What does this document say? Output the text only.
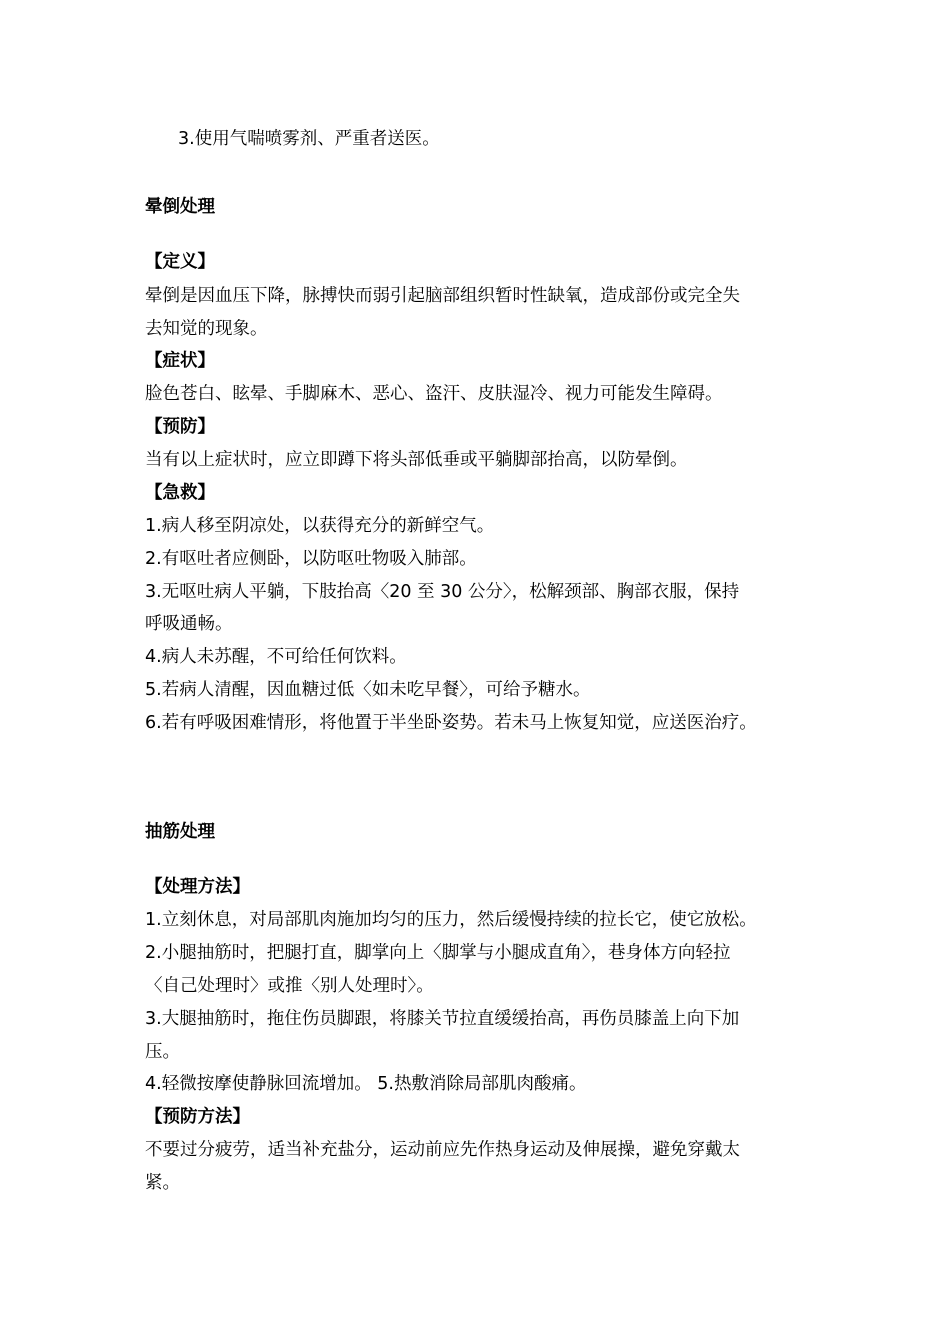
3.使用气喘喷雾剂、严重者送医。
晕倒处理
【定义】
晕倒是因血压下降，脉搏快而弱引起脑部组织暂时性缺氧，造成部份或完全失
去知觉的现象。
【症状】
脸色苍白、眩晕、手脚麻木、恶心、盗汗、皮肤湿冷、视力可能发生障碍。
【预防】
当有以上症状时，应立即蹲下将头部低垂或平躺脚部抬高，以防晕倒。
【急救】
1.病人移至阴凉处，以获得充分的新鲜空气。
2.有呕吐者应侧卧，以防呕吐物吸入肺部。
3.无呕吐病人平躺，下肢抬高〈20 至 30 公分〉，松解颈部、胸部衣服，保持
呼吸通畅。
4.病人未苏醒，不可给任何饮料。
5.若病人清醒，因血糖过低〈如未吃早餐〉，可给予糖水。
6.若有呼吸困难情形，将他置于半坐卧姿势。若未马上恢复知觉，应送医治疗。
抽筋处理
【处理方法】
1.立刻休息，对局部肌肉施加均匀的压力，然后缓慢持续的拉长它，使它放松。
2.小腿抽筋时，把腿打直，脚掌向上〈脚掌与小腿成直角〉，巷身体方向轻拉
〈自己处理时〉或推〈别人处理时〉。
3.大腿抽筋时，拖住伤员脚跟，将膝关节拉直缓缓抬高，再伤员膝盖上向下加
压。
4.轻微按摩使静脉回流增加。 5.热敷消除局部肌肉酸痛。
【预防方法】
不要过分疲劳，适当补充盐分，运动前应先作热身运动及伸展操，避免穿戴太
紧。
